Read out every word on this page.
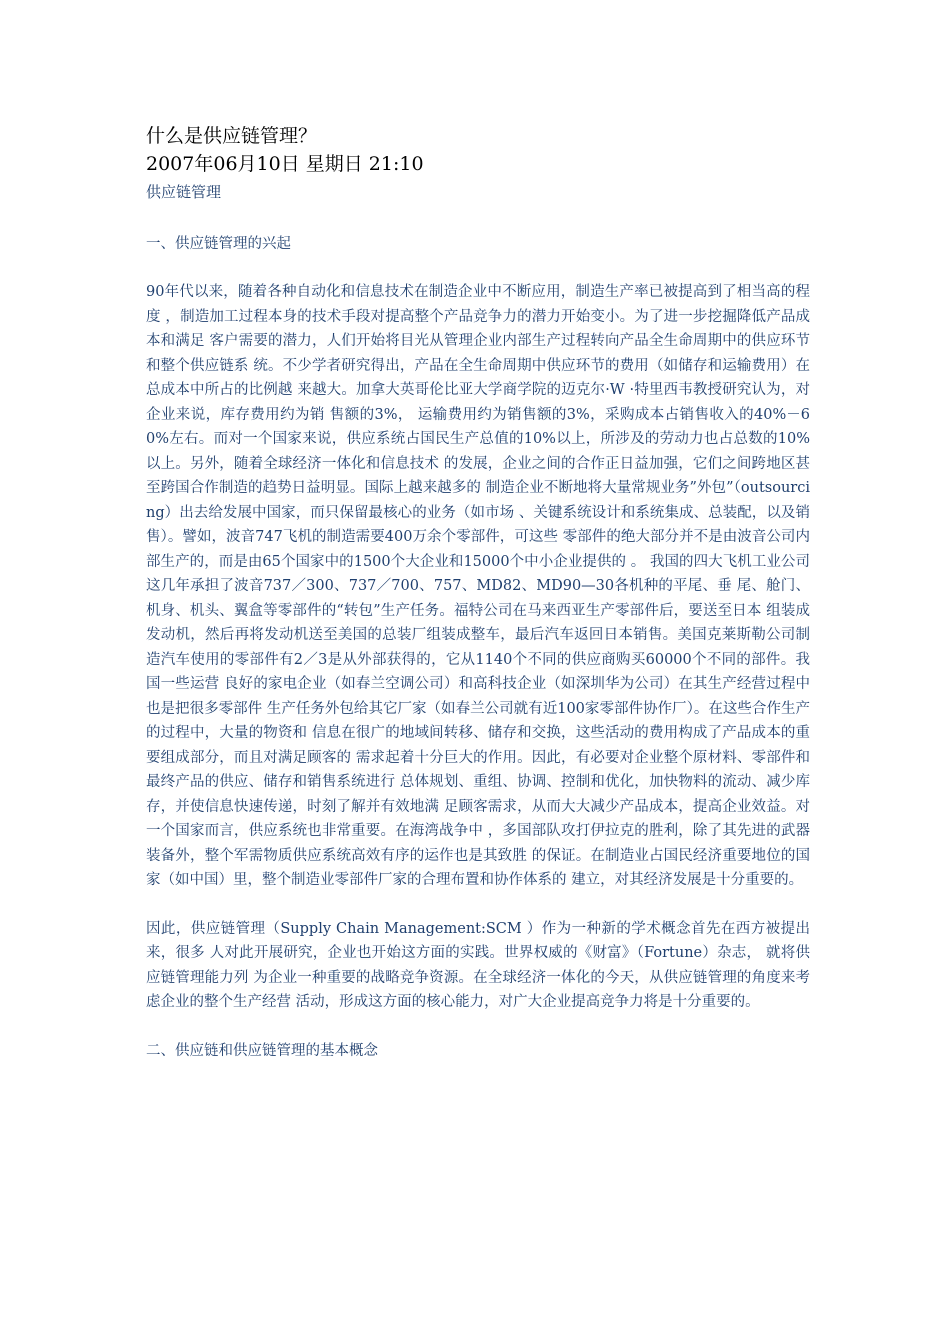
什么是供应链管理？
2007年06月10日 星期日 21:10
供应链管理
一、供应链管理的兴起

90年代以来，随着各种自动化和信息技术在制造企业中不断应用，制造生产率已被提高到了相当高的程度 ，制造加工过程本身的技术手段对提高整个产品竞争力的潜力开始变小。为了进一步挖掘降低产品成本和满足 客户需要的潜力，人们开始将目光从管理企业内部生产过程转向产品全生命周期中的供应环节和整个供应链系 统。不少学者研究得出，产品在全生命周期中供应环节的费用（如储存和运输费用）在总成本中所占的比例越 来越大。加拿大英哥伦比亚大学商学院的迈克尔·W ·特里西韦教授研究认为，对企业来说，库存费用约为销 售额的3%， 运输费用约为销售额的3%，采购成本占销售收入的40%－60%左右。而对一个国家来说，供应系统占国民生产总值的10%以上，所涉及的劳动力也占总数的10%以上。另外，随着全球经济一体化和信息技术 的发展，企业之间的合作正日益加强，它们之间跨地区甚至跨国合作制造的趋势日益明显。国际上越来越多的 制造企业不断地将大量常规业务”外包”（outsourcing）出去给发展中国家，而只保留最核心的业务（如市场 、关键系统设计和系统集成、总装配，以及销售）。譬如，波音747飞机的制造需要400万余个零部件，可这些 零部件的绝大部分并不是由波音公司内部生产的，而是由65个国家中的1500个大企业和15000个中小企业提供的 。 我国的四大飞机工业公司这几年承担了波音737／300、737／700、757、MD82、MD90—30各机种的平尾、垂 尾、舱门、机身、机头、翼盒等零部件的“转包”生产任务。福特公司在马来西亚生产零部件后，要送至日本 组装成发动机，然后再将发动机送至美国的总装厂组装成整车，最后汽车返回日本销售。美国克莱斯勒公司制 造汽车使用的零部件有2／3是从外部获得的，它从1140个不同的供应商购买60000个不同的部件。我国一些运营 良好的家电企业（如春兰空调公司）和高科技企业（如深圳华为公司）在其生产经营过程中也是把很多零部件 生产任务外包给其它厂家（如春兰公司就有近100家零部件协作厂）。在这些合作生产的过程中，大量的物资和 信息在很广的地域间转移、储存和交换，这些活动的费用构成了产品成本的重要组成部分，而且对满足顾客的 需求起着十分巨大的作用。因此，有必要对企业整个原材料、零部件和最终产品的供应、储存和销售系统进行 总体规划、重组、协调、控制和优化，加快物料的流动、减少库存，并使信息快速传递，时刻了解并有效地满 足顾客需求，从而大大减少产品成本，提高企业效益。对一个国家而言，供应系统也非常重要。在海湾战争中 ，多国部队攻打伊拉克的胜利，除了其先进的武器装备外，整个军需物质供应系统高效有序的运作也是其致胜 的保证。在制造业占国民经济重要地位的国家（如中国）里，整个制造业零部件厂家的合理布置和协作体系的 建立，对其经济发展是十分重要的。

因此，供应链管理（Supply Chain Management:SCM ）作为一种新的学术概念首先在西方被提出来，很多 人对此开展研究，企业也开始这方面的实践。世界权威的《财富》（Fortune）杂志， 就将供应链管理能力列 为企业一种重要的战略竞争资源。在全球经济一体化的今天，从供应链管理的角度来考虑企业的整个生产经营 活动，形成这方面的核心能力，对广大企业提高竞争力将是十分重要的。

二、供应链和供应链管理的基本概念
